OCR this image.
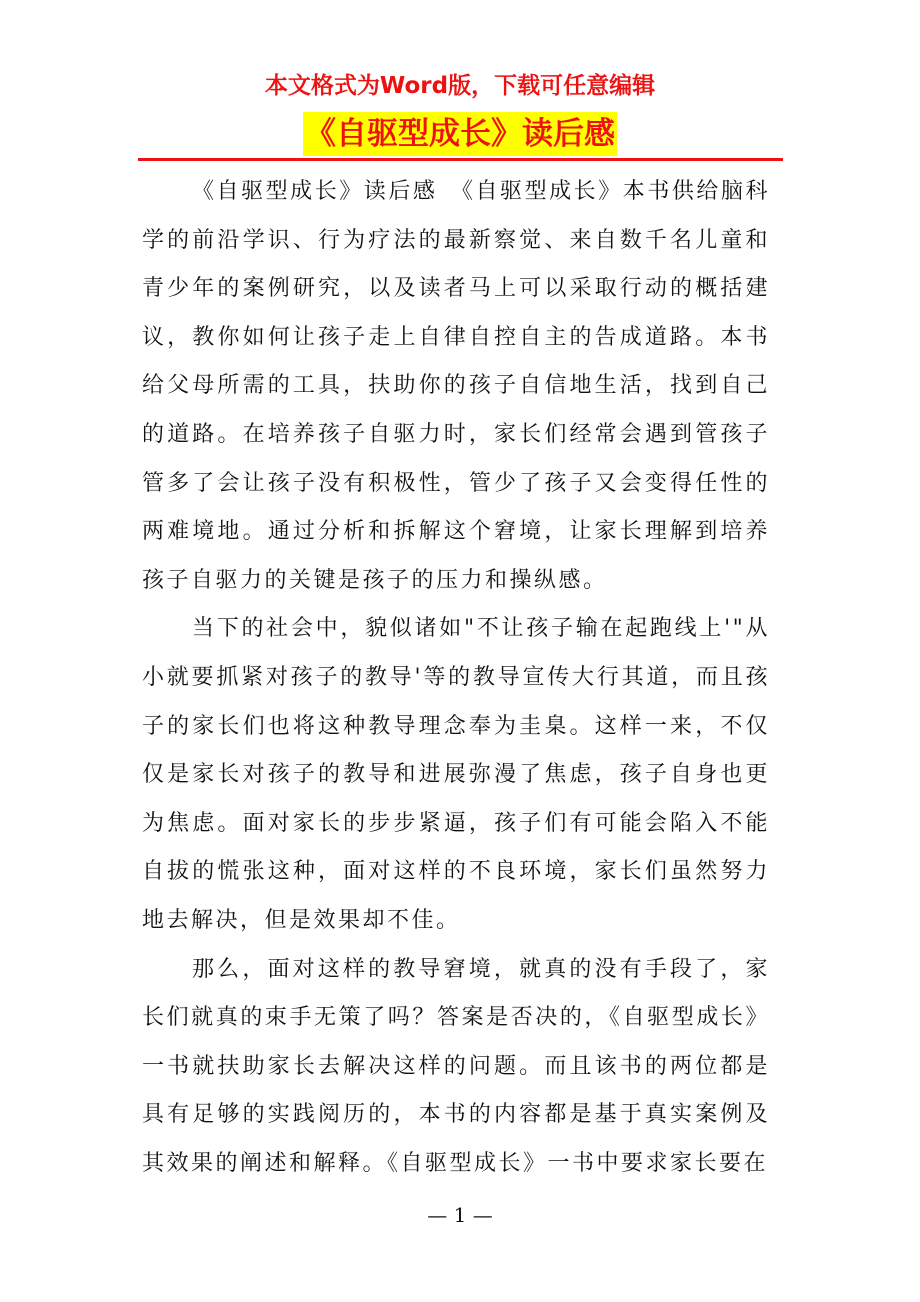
本文格式为Word版，下载可任意编辑
《自驱型成长》读后感

《自驱型成长》读后感　《自驱型成长》本书供给脑科学的前沿学识、行为疗法的最新察觉、来自数千名儿童和青少年的案例研究，以及读者马上可以采取行动的概括建议，教你如何让孩子走上自律自控自主的告成道路。本书给父母所需的工具，扶助你的孩子自信地生活，找到自己的道路。在培养孩子自驱力时，家长们经常会遇到管孩子管多了会让孩子没有积极性，管少了孩子又会变得任性的两难境地。通过分析和拆解这个窘境，让家长理解到培养孩子自驱力的关键是孩子的压力和操纵感。

当下的社会中，貌似诸如"不让孩子输在起跑线上'"从小就要抓紧对孩子的教导'等的教导宣传大行其道，而且孩子的家长们也将这种教导理念奉为圭臬。这样一来，不仅仅是家长对孩子的教导和进展弥漫了焦虑，孩子自身也更为焦虑。面对家长的步步紧逼，孩子们有可能会陷入不能自拔的慌张这种，面对这样的不良环境，家长们虽然努力地去解决，但是效果却不佳。

那么，面对这样的教导窘境，就真的没有手段了，家长们就真的束手无策了吗？答案是否决的，《自驱型成长》一书就扶助家长去解决这样的问题。而且该书的两位都是具有足够的实践阅历的，本书的内容都是基于真实案例及其效果的阐述和解释。《自驱型成长》一书中要求家长要在

— 1 —
